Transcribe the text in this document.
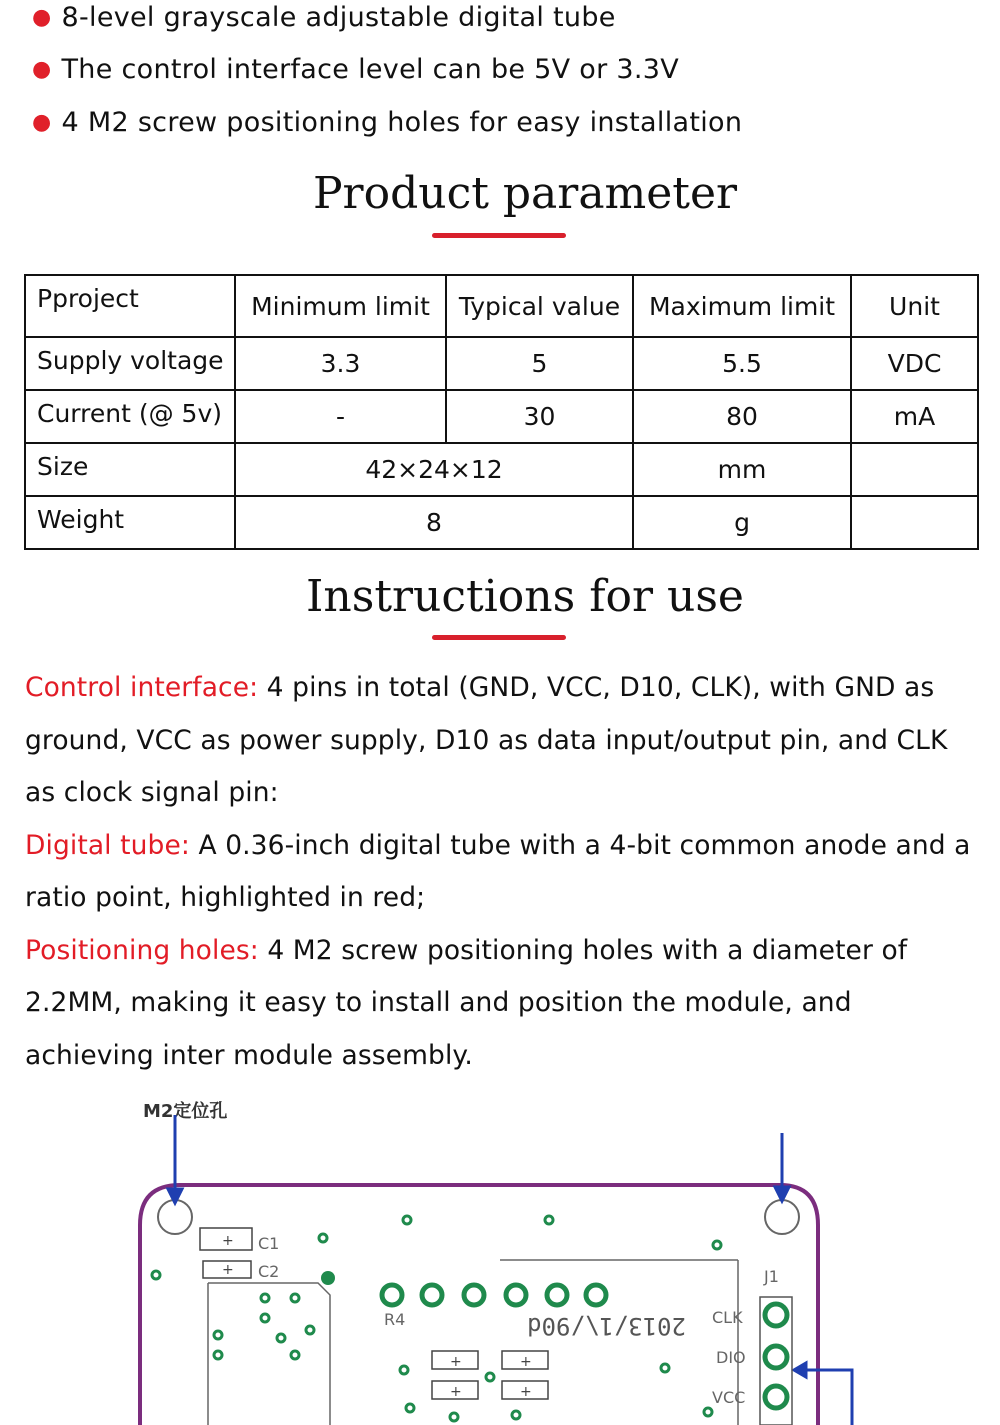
● 8-level grayscale adjustable digital tube
● The control interface level can be 5V or 3.3V
● 4 M2 screw positioning holes for easy installation
Product parameter
Pproject	Minimum limit	Typical value	Maximum limit	Unit
Supply voltage	3.3	5	5.5	VDC
Current (@ 5v)	-	30	80	mA
Size	42×24×12		mm	
Weight	8		g	
Instructions for use

Control interface: 4 pins in total (GND, VCC, D10, CLK), with GND as ground, VCC as power supply, D10 as data input/output pin, and CLK as clock signal pin:

Digital tube: A 0.36-inch digital tube with a 4-bit common anode and a ratio point, highlighted in red;

Positioning holes: 4 M2 screw positioning holes with a diameter of 2.2MM, making it easy to install and position the module, and achieving inter module assembly.

M2定位孔
+
+
+
+
+
+
C1
C2	J1
CLK
DIO
VCC
R4	2013/1\/90d
